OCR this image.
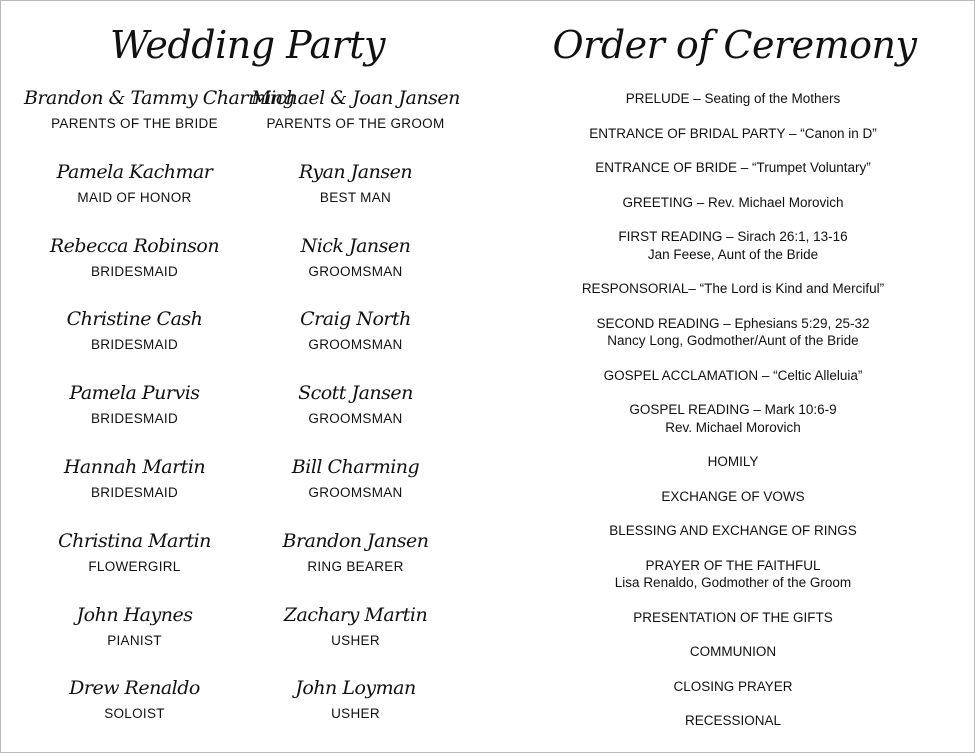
Wedding Party	Order of Ceremony
Brandon & Tammy Charming
PARENTS OF THE BRIDE
Michael & Joan Jansen
PARENTS OF THE GROOM
Pamela Kachmar
MAID OF HONOR
Ryan Jansen
BEST MAN
Rebecca Robinson
BRIDESMAID
Nick Jansen
GROOMSMAN
Christine Cash
BRIDESMAID
Craig North
GROOMSMAN
Pamela Purvis
BRIDESMAID
Scott Jansen
GROOMSMAN
Hannah Martin
BRIDESMAID
Bill Charming
GROOMSMAN
Christina Martin
FLOWERGIRL
Brandon Jansen
RING BEARER
John Haynes
PIANIST
Zachary Martin
USHER
Drew Renaldo
SOLOIST
John Loyman
USHER
PRELUDE – Seating of the Mothers
ENTRANCE OF BRIDAL PARTY – “Canon in D”
ENTRANCE OF BRIDE – “Trumpet Voluntary”
GREETING – Rev. Michael Morovich
FIRST READING – Sirach 26:1, 13-16
Jan Feese, Aunt of the Bride
RESPONSORIAL– “The Lord is Kind and Merciful”
SECOND READING – Ephesians 5:29, 25-32
Nancy Long, Godmother/Aunt of the Bride
GOSPEL ACCLAMATION – “Celtic Alleluia”
GOSPEL READING – Mark 10:6-9
Rev. Michael Morovich
HOMILY
EXCHANGE OF VOWS
BLESSING AND EXCHANGE OF RINGS
PRAYER OF THE FAITHFUL
Lisa Renaldo, Godmother of the Groom
PRESENTATION OF THE GIFTS
COMMUNION
CLOSING PRAYER
RECESSIONAL
